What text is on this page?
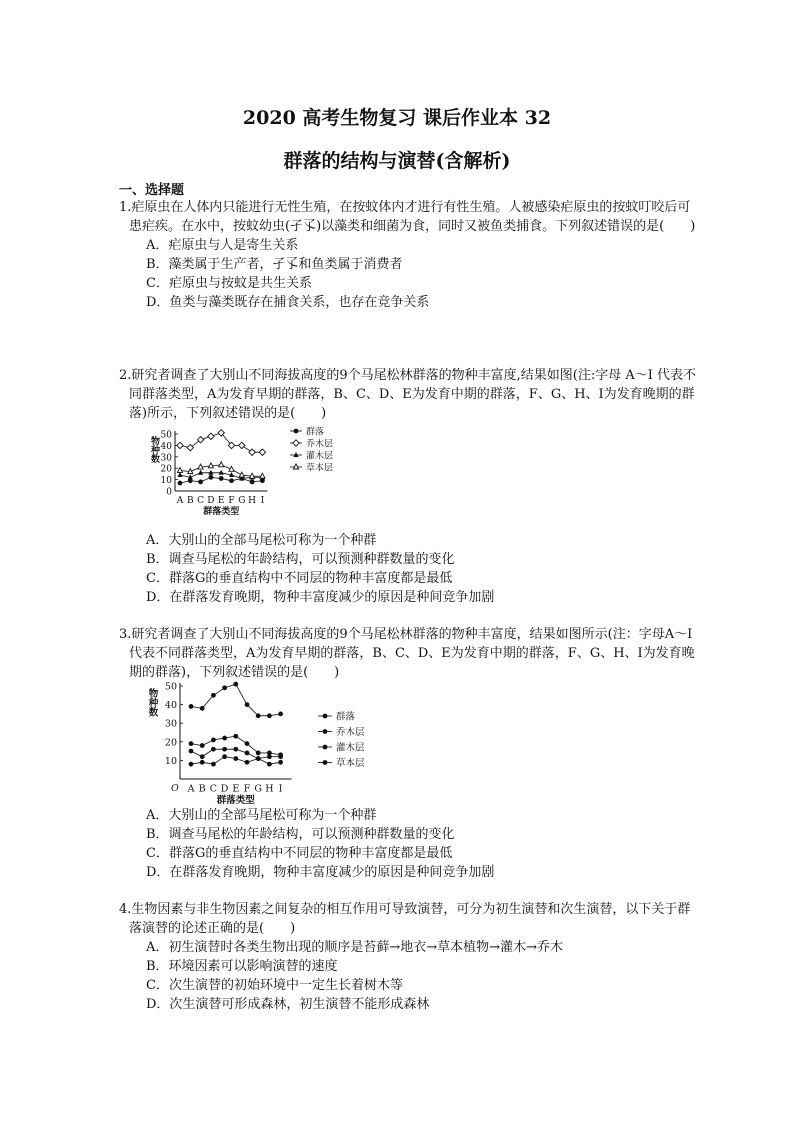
2020 高考生物复习 课后作业本 32
群落的结构与演替(含解析)
一、选择题
1.疟原虫在人体内只能进行无性生殖，在按蚊体内才进行有性生殖。人被感染疟原虫的按蚊叮咬后可患疟疾。在水中，按蚊幼虫(孑孓)以藻类和细菌为食，同时又被鱼类捕食。下列叙述错误的是(　　)
A．疟原虫与人是寄生关系
B．藻类属于生产者，孑孓和鱼类属于消费者
C．疟原虫与按蚊是共生关系
D．鱼类与藻类既存在捕食关系，也存在竞争关系
2.研究者调查了大别山不同海拔高度的9个马尾松林群落的物种丰富度,结果如图(注:字母 A～I 代表不同群落类型，A为发育早期的群落，B、C、D、E为发育中期的群落，F、G、H、I为发育晚期的群落)所示，下列叙述错误的是(　　)
0
10
20
30
40
50
A B C D E F G H I
群落类型
物种数
群落
乔木层
灌木层
草本层
A．大别山的全部马尾松可称为一个种群
B．调查马尾松的年龄结构，可以预测种群数量的变化
C．群落G的垂直结构中不同层的物种丰富度都是最低
D．在群落发育晚期，物种丰富度减少的原因是种间竞争加剧
3.研究者调查了大别山不同海拔高度的9个马尾松林群落的物种丰富度，结果如图所示(注：字母A～I代表不同群落类型，A为发育早期的群落，B、C、D、E为发育中期的群落，F、G、H、I为发育晚期的群落)，下列叙述错误的是(　　)
10
20
30
40
50
O A B C D E F G H I
群落类型
物种数
群落
乔木层
灌木层
草本层
A．大别山的全部马尾松可称为一个种群
B．调查马尾松的年龄结构，可以预测种群数量的变化
C．群落G的垂直结构中不同层的物种丰富度都是最低
D．在群落发育晚期，物种丰富度减少的原因是种间竞争加剧
4.生物因素与非生物因素之间复杂的相互作用可导致演替，可分为初生演替和次生演替，以下关于群落演替的论述正确的是(　　)
A．初生演替时各类生物出现的顺序是苔藓→地衣→草本植物→灌木→乔木
B．环境因素可以影响演替的速度
C．次生演替的初始环境中一定生长着树木等
D．次生演替可形成森林，初生演替不能形成森林
